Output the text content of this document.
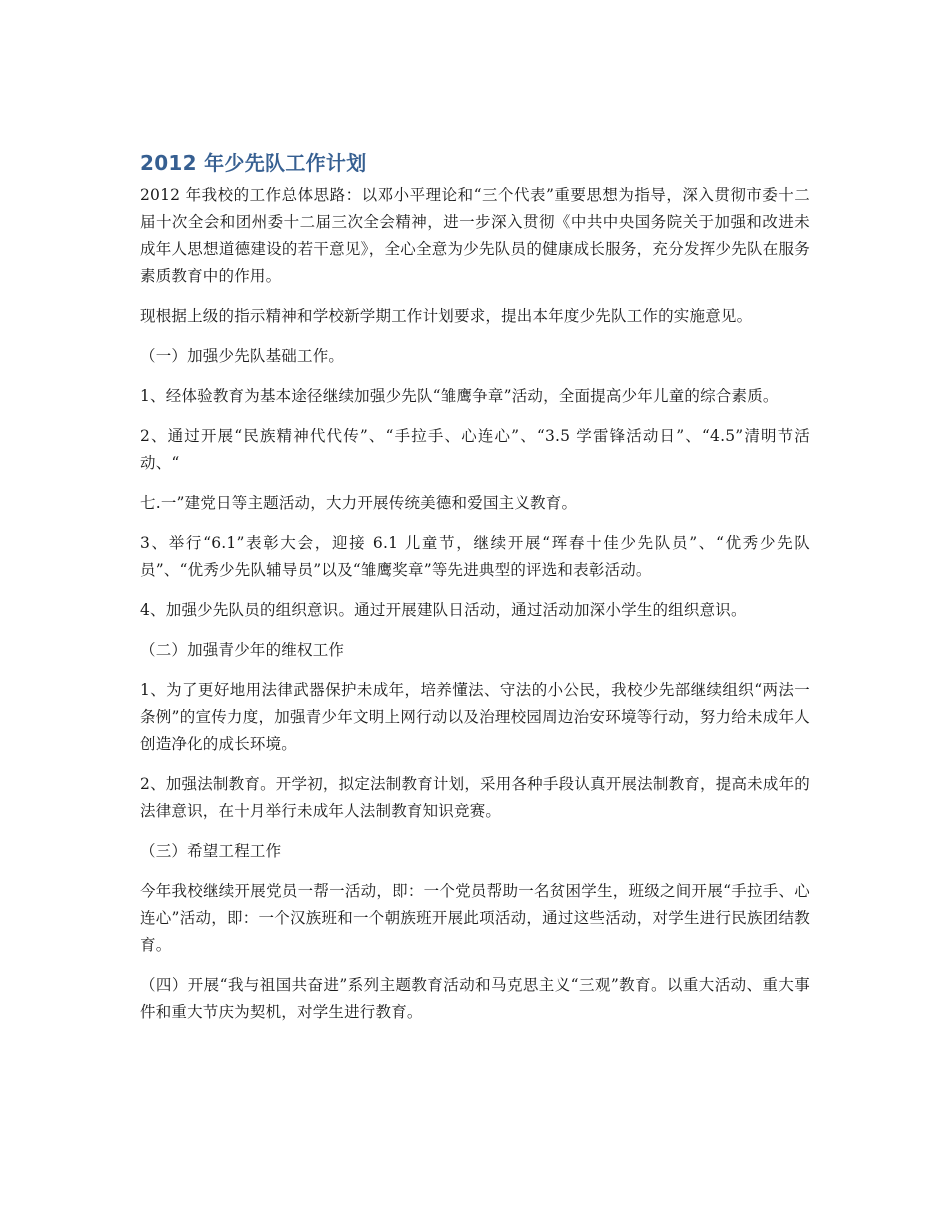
2012 年少先队工作计划

2012 年我校的工作总体思路：以邓小平理论和“三个代表”重要思想为指导，深入贯彻市委十二届十次全会和团州委十二届三次全会精神，进一步深入贯彻《中共中央国务院关于加强和改进未成年人思想道德建设的若干意见》，全心全意为少先队员的健康成长服务，充分发挥少先队在服务素质教育中的作用。

现根据上级的指示精神和学校新学期工作计划要求，提出本年度少先队工作的实施意见。

（一）加强少先队基础工作。

1、经体验教育为基本途径继续加强少先队“雏鹰争章”活动，全面提高少年儿童的综合素质。

2、通过开展“民族精神代代传”、“手拉手、心连心”、“3.5 学雷锋活动日”、“4.5”清明节活动、“

七.一”建党日等主题活动，大力开展传统美德和爱国主义教育。

3、举行“6.1”表彰大会，迎接 6.1 儿童节，继续开展“珲春十佳少先队员”、“优秀少先队员”、“优秀少先队辅导员”以及“雏鹰奖章”等先进典型的评选和表彰活动。

4、加强少先队员的组织意识。通过开展建队日活动，通过活动加深小学生的组织意识。

（二）加强青少年的维权工作

1、为了更好地用法律武器保护未成年，培养懂法、守法的小公民，我校少先部继续组织“两法一条例”的宣传力度，加强青少年文明上网行动以及治理校园周边治安环境等行动，努力给未成年人创造净化的成长环境。

2、加强法制教育。开学初，拟定法制教育计划，采用各种手段认真开展法制教育，提高未成年的法律意识，在十月举行未成年人法制教育知识竞赛。

（三）希望工程工作

今年我校继续开展党员一帮一活动，即：一个党员帮助一名贫困学生，班级之间开展“手拉手、心连心”活动，即：一个汉族班和一个朝族班开展此项活动，通过这些活动，对学生进行民族团结教育。

（四）开展“我与祖国共奋进”系列主题教育活动和马克思主义“三观”教育。以重大活动、重大事件和重大节庆为契机，对学生进行教育。
